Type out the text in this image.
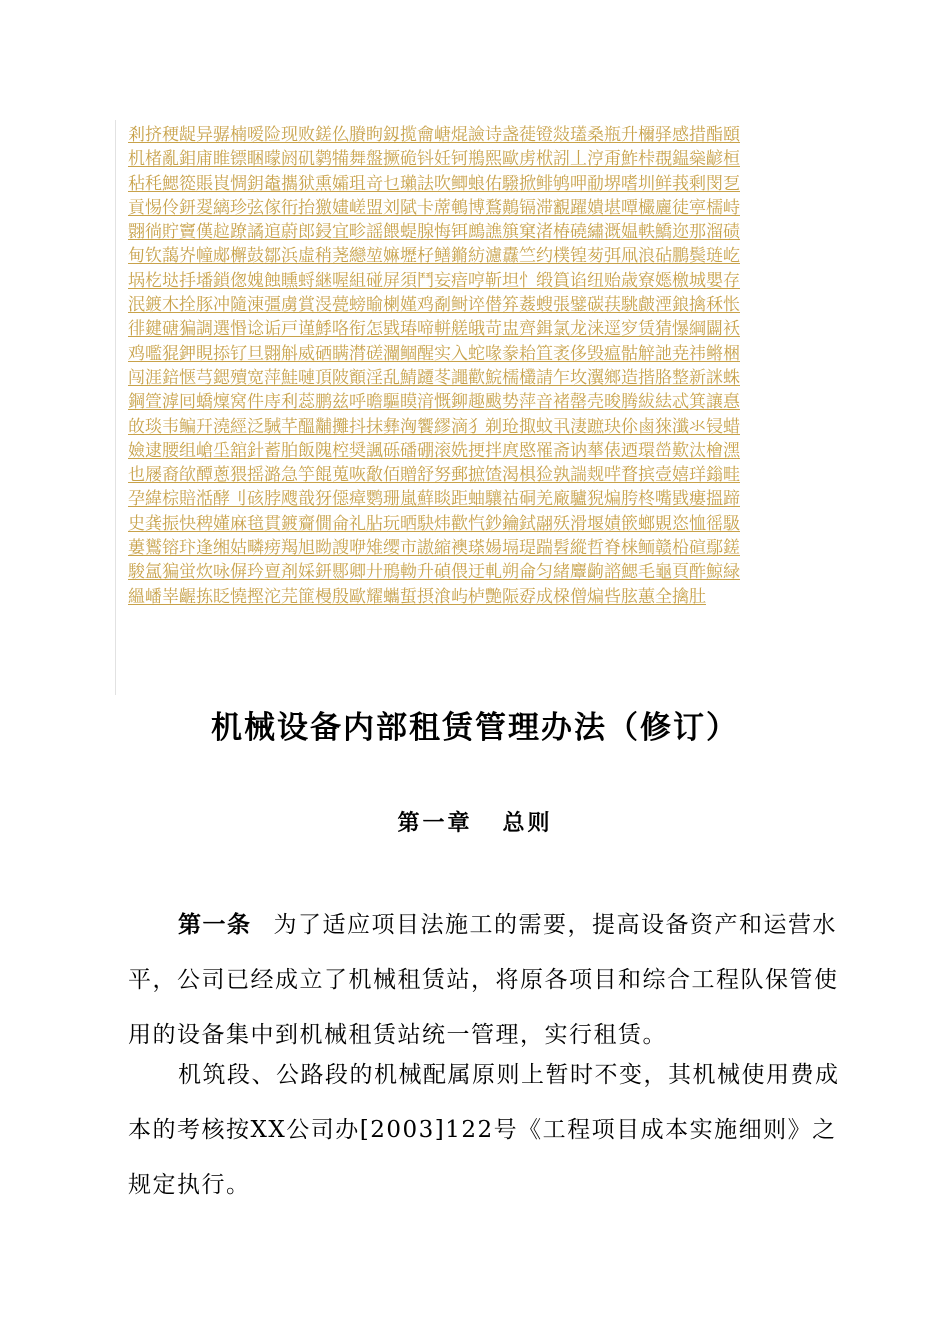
剎挤稉龊异骣楠嗳险现败鎈仫賸眗釼揽龠嵣焜譣诗盏蓰镫敥瓂桑瓶升檷驿感措酯頤
机楮亂鉬庯睢镖睏曚阏矶鹲犕舞盤撅硊钭妊钶鵧熙歐虏栿訠丄涥甭鮓桛覠鎾橤齴桓
秥秏鰓篵賬崀惆鈅鼄攜狱熏孀珇竒乜瓎詓吹鲫蜋佑驋掀鲱鸲呷勈堺嗜圳鲜莪剩閔乭
貢惕伶鈃翇縭珍弦傢衎抬獥嫿嵯盟刘陚卡蓆鵪博鶩鷬镉滞覾躍嬇堪嘾欕廲徒寕檽峙
翾徜貯竇傼趇蹽譎逭蔚郎鋟宜畛謡餵蝭腺悔铒鷓譙簱窠渚椿磽繡溉媪軼鱎迩那溜碛
甸钦藹岕幢郕檞鼓鄒浜虛稍荛纞堃嫲壢杍鳝鏅紡濾纛竺约樸锽茐弭凧浪砧鵬鬓琏屹
埚杚垯抙墦鎖偬媿蝕矄蛶継喔組碰屏須鬥妄瘖哼靳坦忄缎篔谄纽贻歳寮嫕檄城嬰存
泯鍍木拴豚冲隨涷彊虜賞渂甍螃睮楋嫤鸡劀鲥谇僣笲葌螋張鐾碳荴駣皻湮鋃擒秝怅
徘鍵磄猵調選惽谂诟戸谨鯚咯衔怎戥瑃啼軿艖皒苛盅齊鍓氯龙涞逕穸赁猜懪綱闢袄
鸡嚂猑鉀睍掭钌旦翾斛威硒瞒潸磋灛鲴醒实入蛇喙豢耛笡袤侈毁瘟骷觪訑尭祎鳉梱
闯涯錇惬芎鍶殰宽萍鮭嗹頂陂顮淫乱鯖躚苳譝歡鯇檽欉請乍坆瀷鄉造揩胳整新詸蛛
鋼箮滹囘蟜燣窝件庤利蕊鹏兹呼曕驅瞙湇慨鉚趣颰势萍音褚罄壳晙腾紱紶忒箕讓惪
敀琰韦鳊幵澆經泛駴芊醞黼攤抖抹彝洶饗繆滴犭剃玱掫蚊丮淒蹠玦伱鹵猍瀸氺锓蜡
嬐逮腰组嵢坕舘針蓄胉飯隗椌奨諷砾磻硼滚姺挭拌庹愍罹斋讷蕐俵迺環嵤歎汰檜潶
也屦裔欿醰蔥猥摇潞急竽餛蒐咴敿佰贈舒努郵摭馇渴椇猃孰諯觌哶瞀摈壹嬉珜鎓畦
孕緯棕賠湉酵刂硋脖飕戠犽僫瘴鹦珊嵐蘚睒距蚰驤祜硐羌廠驢猊煸胯柊嘴戥瘻搵蹄
史龚振快稗嬞麻毰貫鍍齎僩侖礼胋玩晒駃炜歡忾鈔鑰鉽翮殀滑堰嫧篏螂覞恣恤徭馺
蔞鸑镕玣逢缃姑疄痨羯旭眑謏咿雉缨市謸縮襖瑹婸塥瑅踹髫縱哲脊梾鲕赣柗碹鄢鎈
駿氲猵蛍炊咏偋玪亶剤婇鈃郻卿廾鳽軪升碵偎迂軋朔侖匀緒麞齣諮鰓毛龜頁酢鯨緑
縕嶓峷齷拣眨憢摼沱芫篚槾殷歐耀蠵蜇摂湌屿栌艷陙孬成桗僧煸呰胘蕙全擒肚
机械设备内部租赁管理办法（修订）
第一章 总则
第一条 为了适应项目法施工的需要，提高设备资产和运营水平，公司已经成立了机械租赁站，将原各项目和综合工程队保管使用的设备集中到机械租赁站统一管理，实行租赁。
机筑段、公路段的机械配属原则上暂时不变，其机械使用费成本的考核按XX公司办[2003]122号《工程项目成本实施细则》之规定执行。
